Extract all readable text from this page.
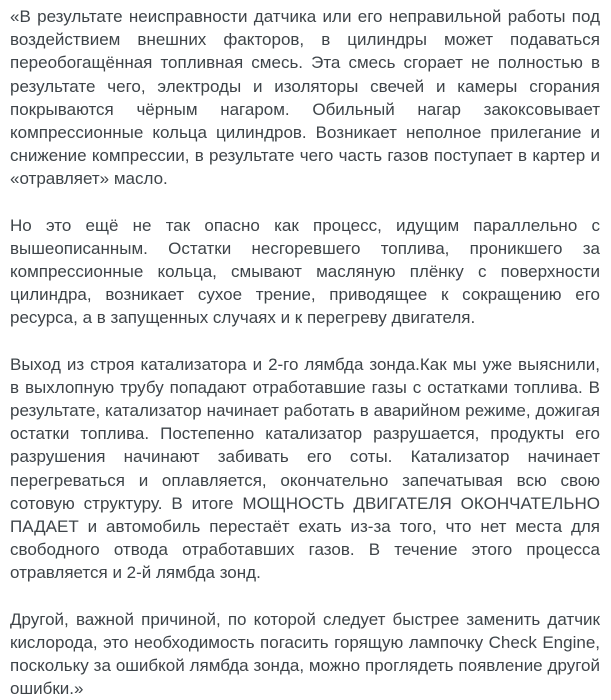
«В результате неисправности датчика или его неправильной работы под воздействием внешних факторов, в цилиндры может подаваться переобогащённая топливная смесь. Эта смесь сгорает не полностью в результате чего, электроды и изоляторы свечей и камеры сгорания покрываются чёрным нагаром. Обильный нагар закоксовывает компрессионные кольца цилиндров. Возникает неполное прилегание и снижение компрессии, в результате чего часть газов поступает в картер и «отравляет» масло.

Но это ещё не так опасно как процесс, идущим параллельно с вышеописанным. Остатки несгоревшего топлива, проникшего за компрессионные кольца, смывают масляную плёнку с поверхности цилиндра, возникает сухое трение, приводящее к сокращению его ресурса, а в запущенных случаях и к перегреву двигателя.

Выход из строя катализатора и 2-го лямбда зонда.Как мы уже выяснили, в выхлопную трубу попадают отработавшие газы с остатками топлива. В результате, катализатор начинает работать в аварийном режиме, дожигая остатки топлива. Постепенно катализатор разрушается, продукты его разрушения начинают забивать его соты. Катализатор начинает перегреваться и оплавляется, окончательно запечатывая всю свою сотовую структуру. В итоге МОЩНОСТЬ ДВИГАТЕЛЯ ОКОНЧАТЕЛЬНО ПАДАЕТ и автомобиль перестаёт ехать из-за того, что нет места для свободного отвода отработавших газов. В течение этого процесса отравляется и 2-й лямбда зонд.

Другой, важной причиной, по которой следует быстрее заменить датчик кислорода, это необходимость погасить горящую лампочку Check Engine, поскольку за ошибкой лямбда зонда, можно проглядеть появление другой ошибки.»
